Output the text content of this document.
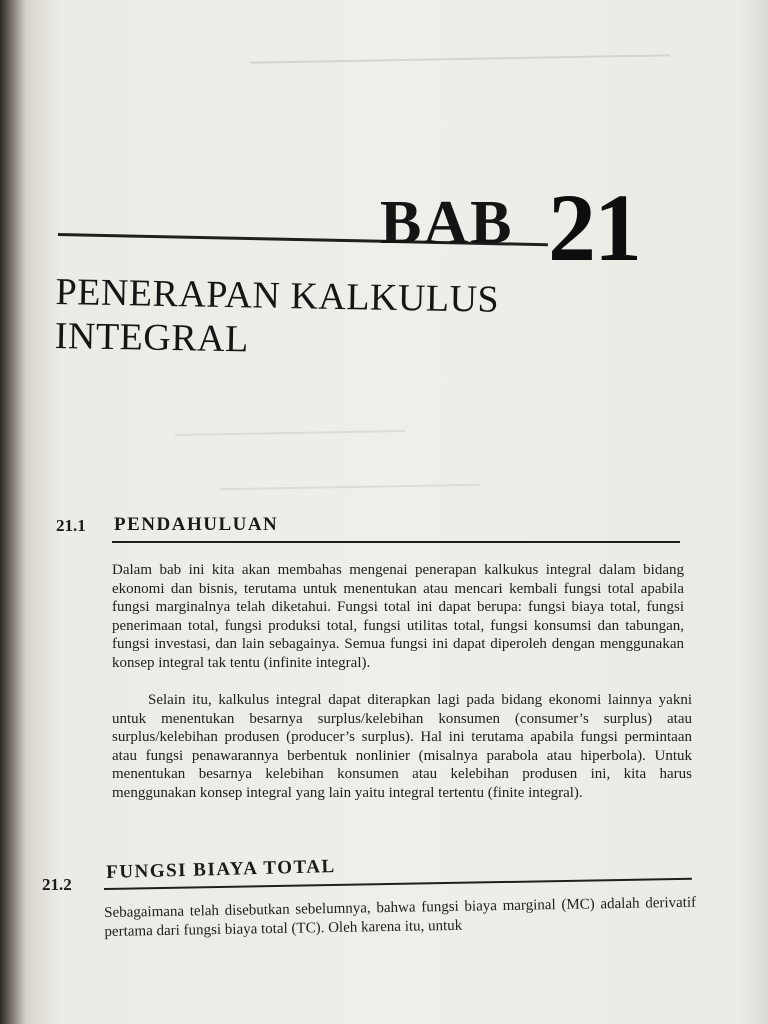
BAB 21
PENERAPAN KALKULUS
INTEGRAL
21.1 PENDAHULUAN

Dalam bab ini kita akan membahas mengenai penerapan kalkukus integral dalam bidang ekonomi dan bisnis, terutama untuk menentukan atau mencari kembali fungsi total apabila fungsi marginalnya telah diketahui. Fungsi total ini dapat berupa: fungsi biaya total, fungsi penerimaan total, fungsi produksi total, fungsi utilitas total, fungsi konsumsi dan tabungan, fungsi investasi, dan lain sebagainya. Semua fungsi ini dapat diperoleh dengan menggunakan konsep integral tak tentu (infinite integral).

Selain itu, kalkulus integral dapat diterapkan lagi pada bidang ekonomi lainnya yakni untuk menentukan besarnya surplus/kelebihan konsumen (consumer’s surplus) atau surplus/kelebihan produsen (producer’s surplus). Hal ini terutama apabila fungsi permintaan atau fungsi penawarannya berbentuk nonlinier (misalnya parabola atau hiperbola). Untuk menentukan besarnya kelebihan konsumen atau kelebihan produsen ini, kita harus menggunakan konsep integral yang lain yaitu integral tertentu (finite integral).

21.2
FUNGSI BIAYA TOTAL

Sebagaimana telah disebutkan sebelumnya, bahwa fungsi biaya marginal (MC) adalah derivatif pertama dari fungsi biaya total (TC). Oleh karena itu, untuk
